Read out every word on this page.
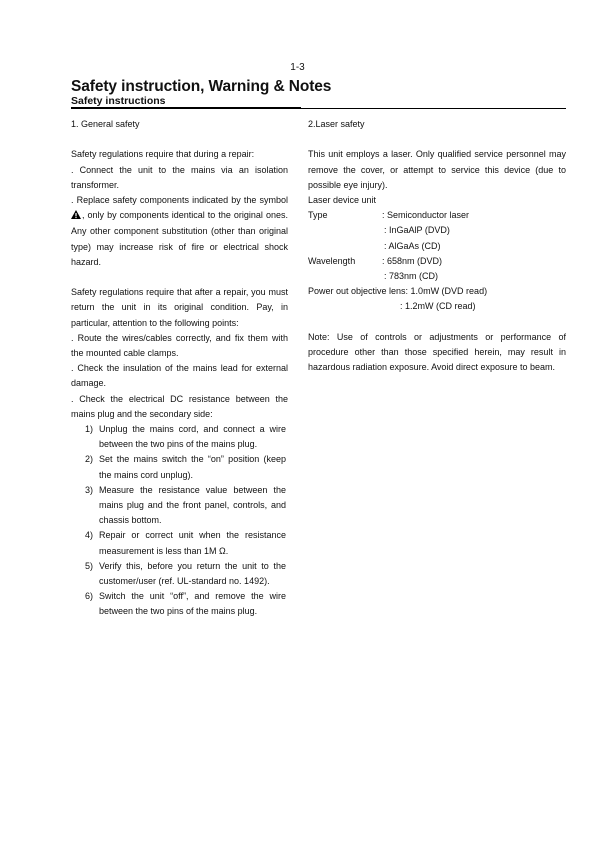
1-3
Safety instruction, Warning & Notes
Safety instructions

1. General safety

Safety regulations require that during a repair:

. Connect the unit to the mains via an isolation transformer.

. Replace safety components indicated by the symbol , only by components identical to the original ones. Any other component substitution (other than original type) may increase risk of fire or electrical shock hazard.

Safety regulations require that after a repair, you must return the unit in its original condition. Pay, in particular, attention to the following points:

. Route the wires/cables correctly, and fix them with the mounted cable clamps.

. Check the insulation of the mains lead for external damage.

. Check the electrical DC resistance between the mains plug and the secondary side:

1) Unplug the mains cord, and connect a wire between the two pins of the mains plug.
2) Set the mains switch the “on” position (keep the mains cord unplug).
3) Measure the resistance value between the mains plug and the front panel, controls, and chassis bottom.
4) Repair or correct unit when the resistance measurement is less than 1M Ω.
5) Verify this, before you return the unit to the customer/user (ref. UL-standard no. 1492).
6) Switch the unit “off”, and remove the wire between the two pins of the mains plug.

2.Laser safety

This unit employs a laser. Only qualified service personnel may remove the cover, or attempt to service this device (due to possible eye injury).

Laser device unit

Type	: Semiconductor laser
: InGaAlP (DVD)
: AlGaAs (CD)
Wavelength	: 658nm (DVD)
: 783nm (CD)

Power out objective lens: 1.0mW (DVD read)

: 1.2mW (CD read)

Note: Use of controls or adjustments or performance of procedure other than those specified herein, may result in hazardous radiation exposure. Avoid direct exposure to beam.
